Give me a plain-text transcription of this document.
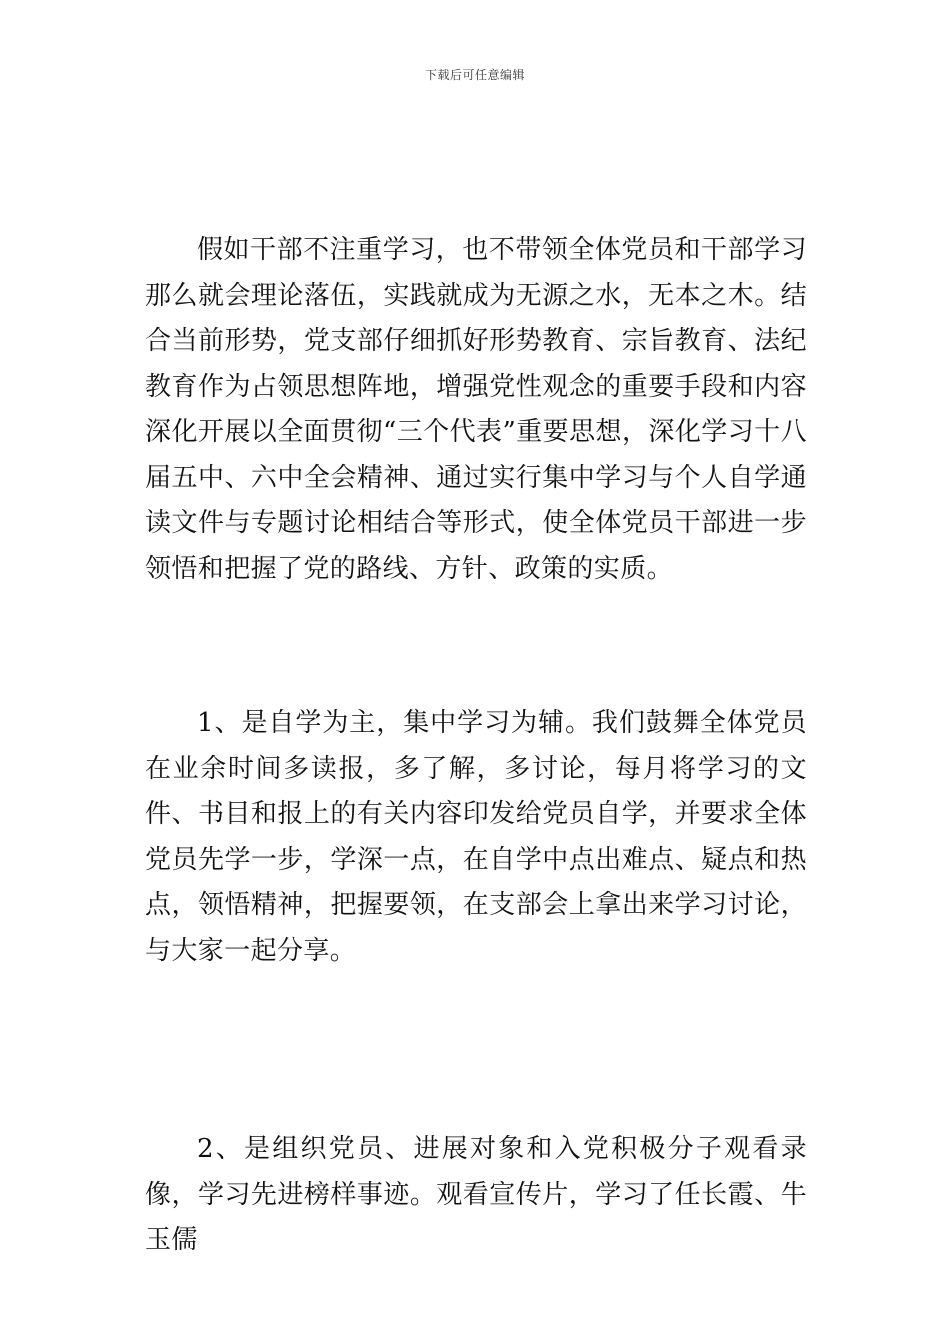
下载后可任意编辑

假如干部不注重学习，也不带领全体党员和干部学习那么就会理论落伍，实践就成为无源之水，无本之木。结合当前形势，党支部仔细抓好形势教育、宗旨教育、法纪教育作为占领思想阵地，增强党性观念的重要手段和内容深化开展以全面贯彻“三个代表”重要思想，深化学习十八届五中、六中全会精神、通过实行集中学习与个人自学通读文件与专题讨论相结合等形式，使全体党员干部进一步领悟和把握了党的路线、方针、政策的实质。

1、是自学为主，集中学习为辅。我们鼓舞全体党员在业余时间多读报，多了解，多讨论，每月将学习的文件、书目和报上的有关内容印发给党员自学，并要求全体党员先学一步，学深一点，在自学中点出难点、疑点和热点，领悟精神，把握要领，在支部会上拿出来学习讨论，与大家一起分享。

2、是组织党员、进展对象和入党积极分子观看录像，学习先进榜样事迹。观看宣传片，学习了任长霞、牛玉儒
